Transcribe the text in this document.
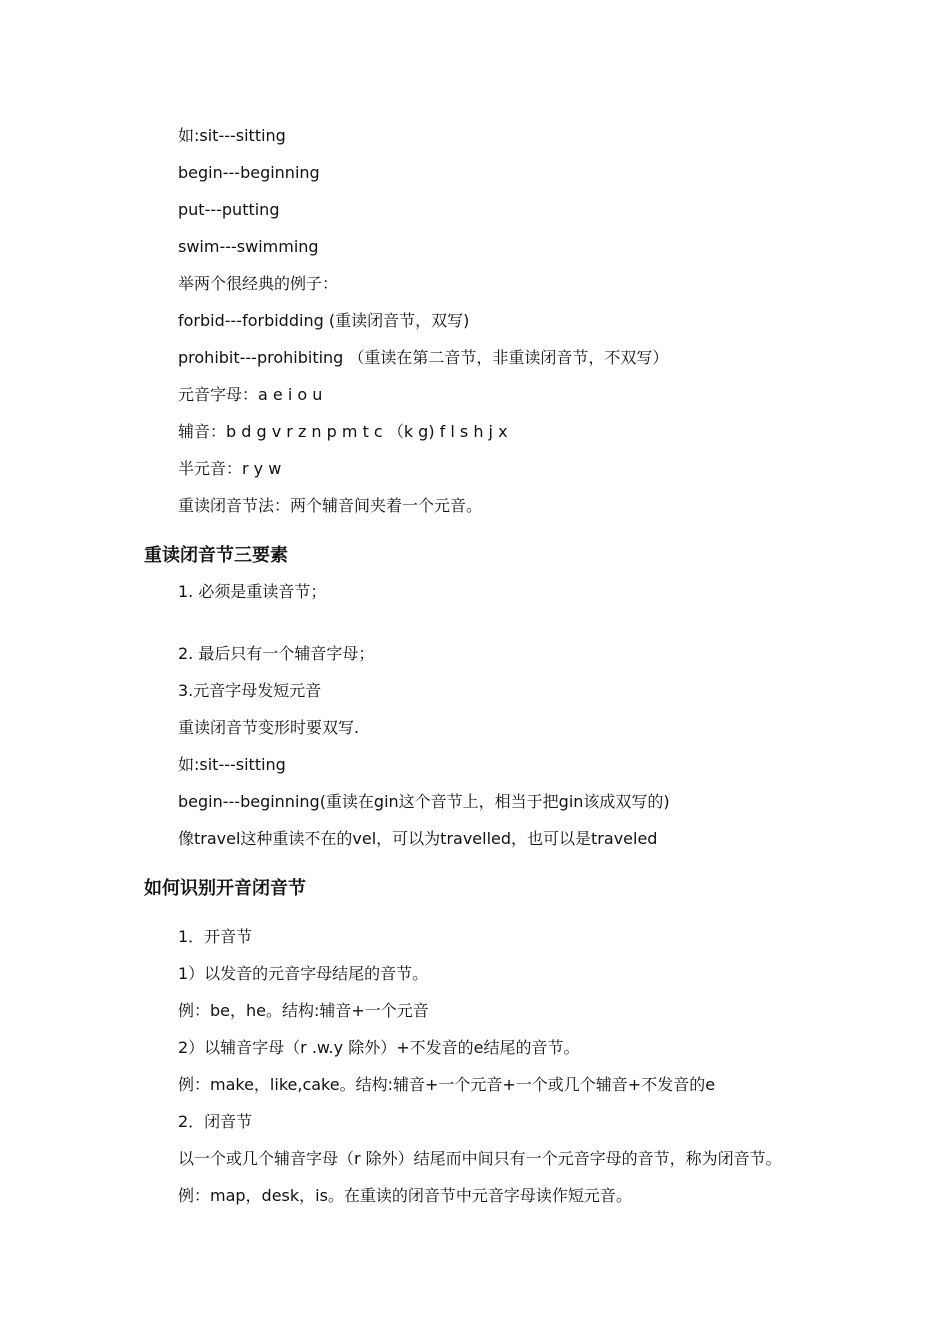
如:sit---sitting
begin---beginning
put---putting
swim---swimming
举两个很经典的例子：
forbid---forbidding (重读闭音节，双写)
prohibit---prohibiting （重读在第二音节，非重读闭音节，不双写）
元音字母：a e i o u
辅音：b d g v r z n p m t c （k g) f l s h j x
半元音：r y w
重读闭音节法：两个辅音间夹着一个元音。
重读闭音节三要素
1. 必须是重读音节；
2. 最后只有一个辅音字母；
3.元音字母发短元音
重读闭音节变形时要双写.
如:sit---sitting
begin---beginning(重读在gin这个音节上，相当于把gin该成双写的)
像travel这种重读不在的vel，可以为travelled，也可以是traveled
如何识别开音闭音节
1．开音节
1）以发音的元音字母结尾的音节。
例：be，he。结构:辅音+一个元音
2）以辅音字母（r .w.y 除外）+不发音的e结尾的音节。
例：make，like,cake。结构:辅音+一个元音+一个或几个辅音+不发音的e
2．闭音节
以一个或几个辅音字母（r 除外）结尾而中间只有一个元音字母的音节，称为闭音节。
例：map，desk，is。在重读的闭音节中元音字母读作短元音。
